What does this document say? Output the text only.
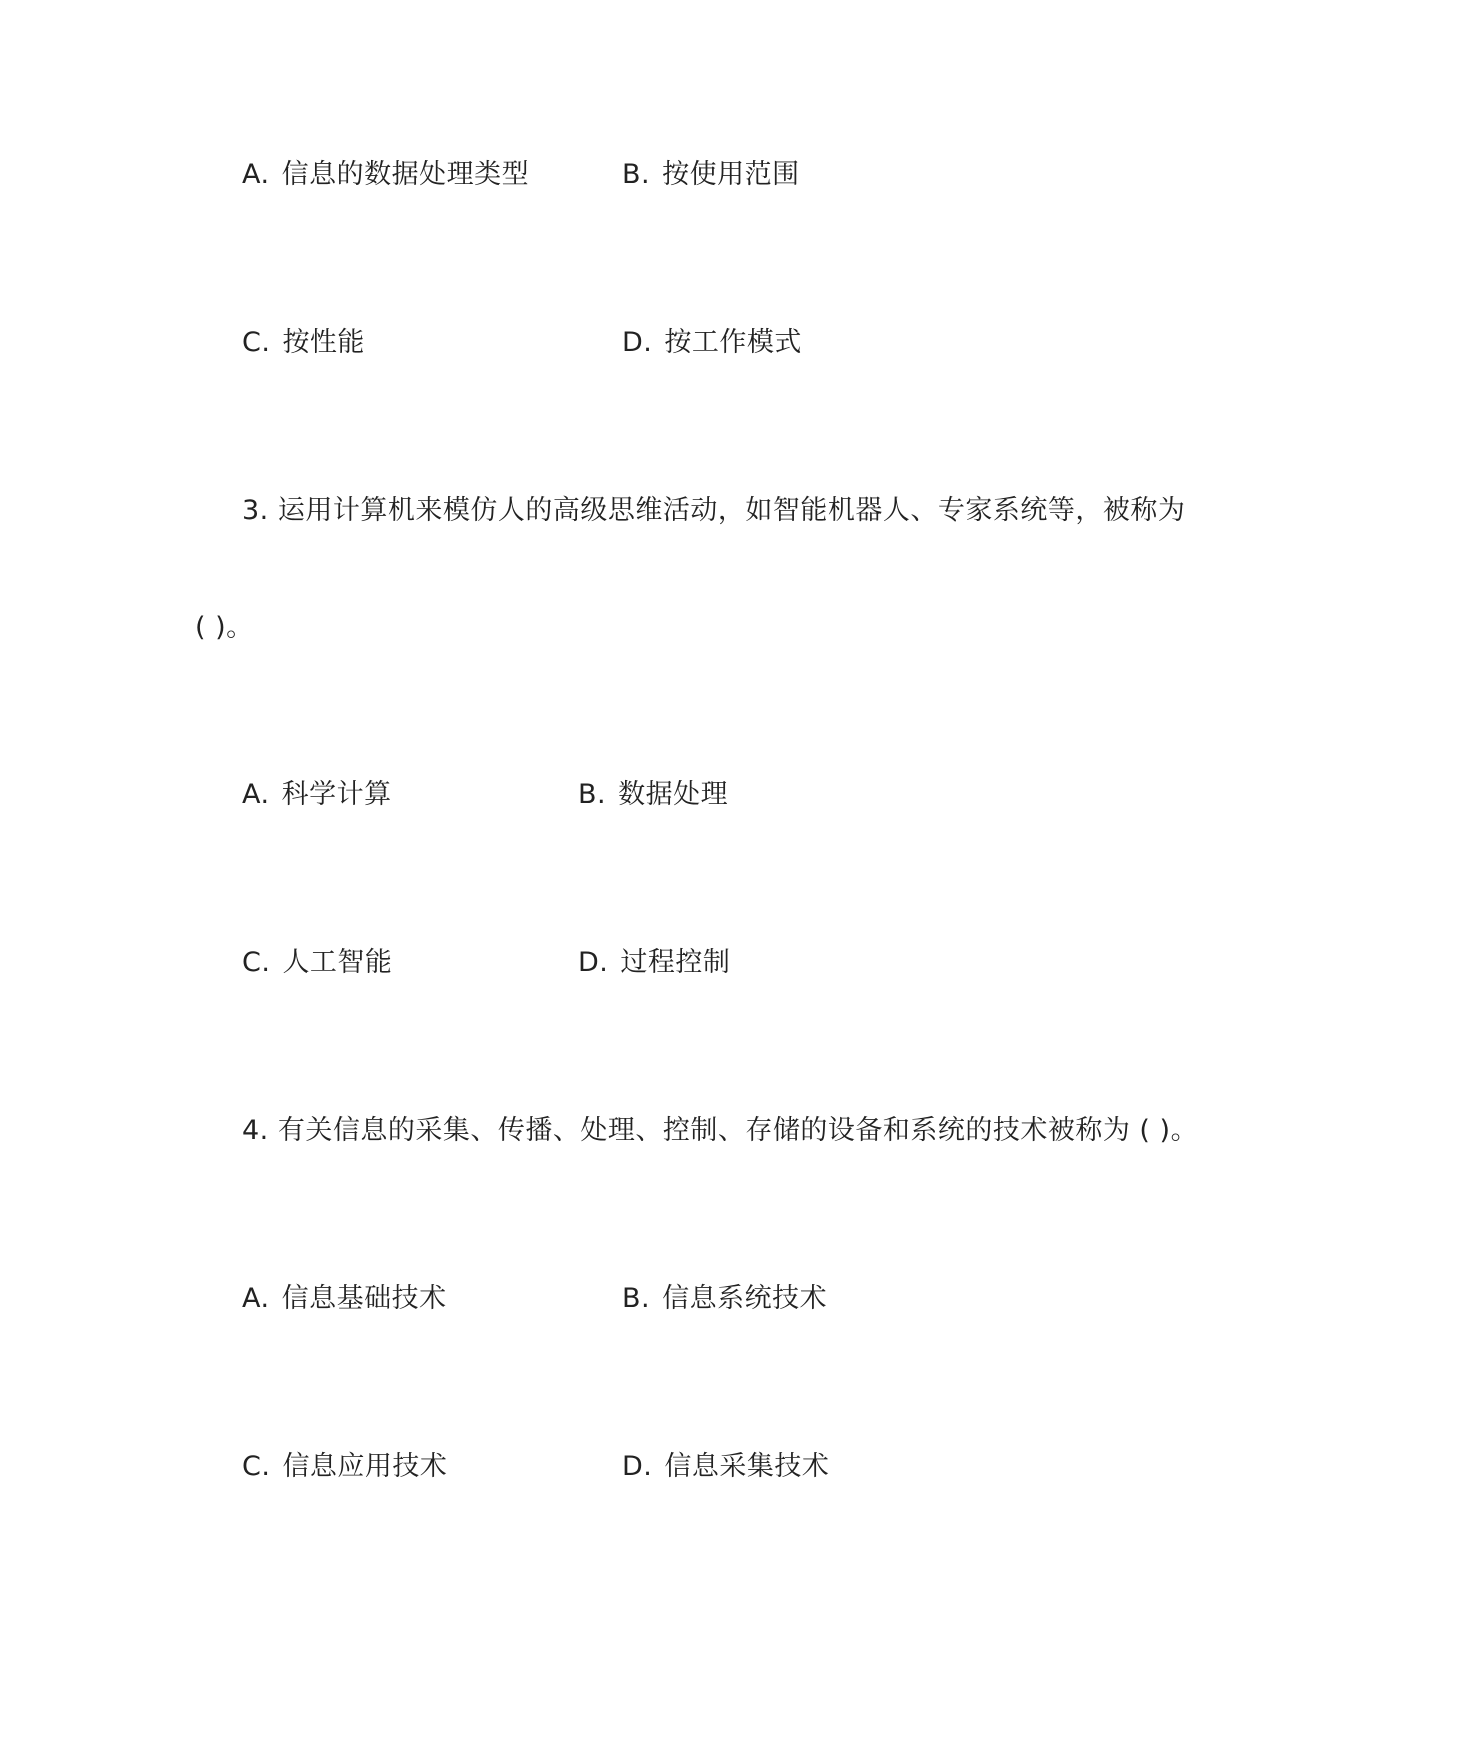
A. 信息的数据处理类型	B. 按使用范围
C. 按性能	D. 按工作模式
3. 运用计算机来模仿人的高级思维活动，如智能机器人、专家系统等，被称为
( )。
A. 科学计算	B. 数据处理
C. 人工智能	D. 过程控制
4. 有关信息的采集、传播、处理、控制、存储的设备和系统的技术被称为 ( )。
A. 信息基础技术	B. 信息系统技术
C. 信息应用技术	D. 信息采集技术
